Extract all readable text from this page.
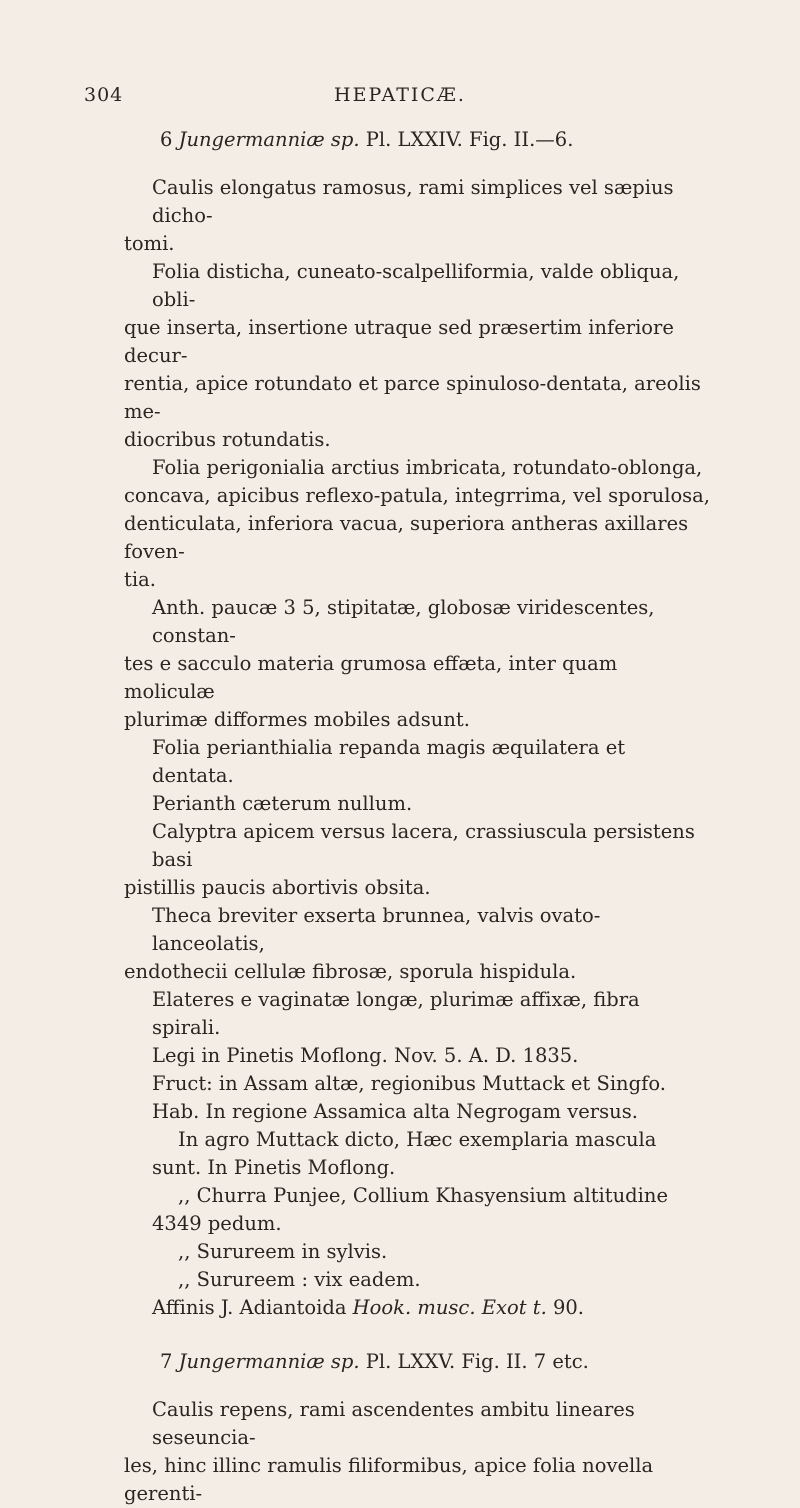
304	HEPATICÆ.

6 Jungermanniæ sp. Pl. LXXIV. Fig. II.—6.

Caulis elongatus ramosus, rami simplices vel sæpius dicho-
tomi.

Folia disticha, cuneato-scalpelliformia, valde obliqua, obli-
que inserta, insertione utraque sed præsertim inferiore decur-
rentia, apice rotundato et parce spinuloso-dentata, areolis me-
diocribus rotundatis.

Folia perigonialia arctius imbricata, rotundato-oblonga,
concava, apicibus reflexo-patula, integrrima, vel sporulosa,
denticulata, inferiora vacua, superiora antheras axillares foven-
tia.

Anth. paucæ 3 5, stipitatæ, globosæ viridescentes, constan-
tes e sacculo materia grumosa effæta, inter quam moliculæ
plurimæ difformes mobiles adsunt.

Folia perianthialia repanda magis æquilatera et dentata.

Perianth cæterum nullum.

Calyptra apicem versus lacera, crassiuscula persistens basi
pistillis paucis abortivis obsita.

Theca breviter exserta brunnea, valvis ovato-lanceolatis,
endothecii cellulæ fibrosæ, sporula hispidula.

Elateres e vaginatæ longæ, plurimæ affixæ, fibra spirali.

Legi in Pinetis Moflong. Nov. 5. A. D. 1835.
Fruct: in Assam altæ, regionibus Muttack et Singfo.
Hab. In regione Assamica alta Negrogam versus.
In agro Muttack dicto, Hæc exemplaria mascula
sunt. In Pinetis Moflong.
,, Churra Punjee, Collium Khasyensium altitudine
4349 pedum.
,, Surureem in sylvis.
,, Surureem : vix eadem.
Affinis J. Adiantoida Hook. musc. Exot t. 90.

7 Jungermanniæ sp. Pl. LXXV. Fig. II. 7 etc.

Caulis repens, rami ascendentes ambitu lineares seseuncia-
les, hinc illinc ramulis filiformibus, apice folia novella gerenti-
